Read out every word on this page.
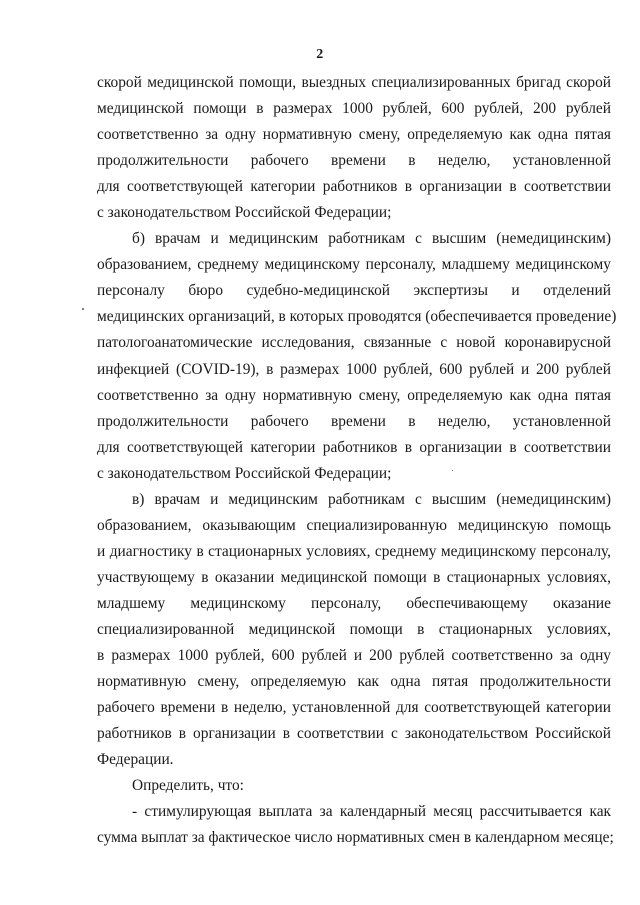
2
скорой медицинской помощи, выездных специализированных бригад скорой
медицинской помощи в размерах 1000 рублей, 600 рублей, 200 рублей
соответственно за одну нормативную смену, определяемую как одна пятая
продолжительности рабочего времени в неделю, установленной
для соответствующей категории работников в организации в соответствии
с законодательством Российской Федерации;
б) врачам и медицинским работникам с высшим (немедицинским)
образованием, среднему медицинскому персоналу, младшему медицинскому
персоналу бюро судебно-медицинской экспертизы и отделений
медицинских организаций, в которых проводятся (обеспечивается проведение)
патологоанатомические исследования, связанные с новой коронавирусной
инфекцией (COVID-19), в размерах 1000 рублей, 600 рублей и 200 рублей
соответственно за одну нормативную смену, определяемую как одна пятая
продолжительности рабочего времени в неделю, установленной
для соответствующей категории работников в организации в соответствии
с законодательством Российской Федерации;
в) врачам и медицинским работникам с высшим (немедицинским)
образованием, оказывающим специализированную медицинскую помощь
и диагностику в стационарных условиях, среднему медицинскому персоналу,
участвующему в оказании медицинской помощи в стационарных условиях,
младшему медицинскому персоналу, обеспечивающему оказание
специализированной медицинской помощи в стационарных условиях,
в размерах 1000 рублей, 600 рублей и 200 рублей соответственно за одну
нормативную смену, определяемую как одна пятая продолжительности
рабочего времени в неделю, установленной для соответствующей категории
работников в организации в соответствии с законодательством Российской
Федерации.
Определить, что:
- стимулирующая выплата за календарный месяц рассчитывается как
сумма выплат за фактическое число нормативных смен в календарном месяце;
